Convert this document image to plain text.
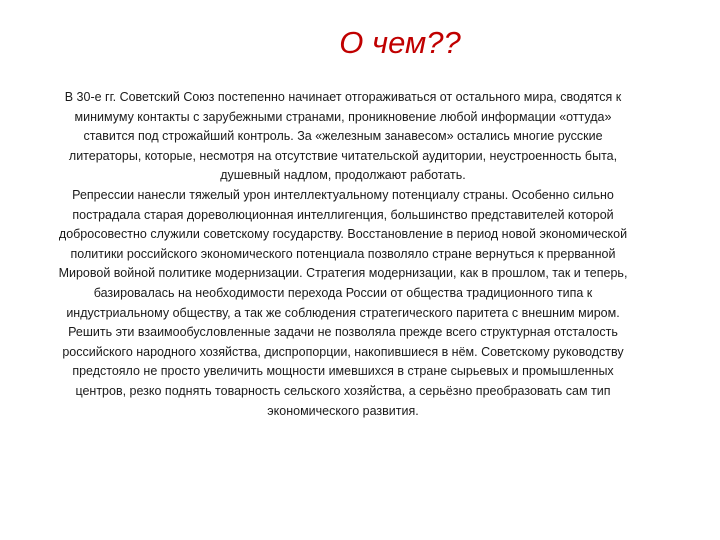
О чем??

В 30-е гг. Советский Союз постепенно начинает отгораживаться от остального мира, сводятся к минимуму контакты с зарубежными странами, проникновение любой информации «оттуда» ставится под строжайший контроль. За «железным занавесом» остались многие русские литераторы, которые, несмотря на отсутствие читательской аудитории, неустроенность быта, душевный надлом, продолжают работать.

Репрессии нанесли тяжелый урон интеллектуальному потенциалу страны. Особенно сильно пострадала старая дореволюционная интеллигенция, большинство представителей которой добросовестно служили советскому государству. Восстановление в период новой экономической политики российского экономического потенциала позволяло стране вернуться к прерванной Мировой войной политике модернизации. Стратегия модернизации, как в прошлом, так и теперь, базировалась на необходимости перехода России от общества традиционного типа к индустриальному обществу, а так же соблюдения стратегического паритета с внешним миром. Решить эти взаимообусловленные задачи не позволяла прежде всего структурная отсталость российского народного хозяйства, диспропорции, накопившиеся в нём. Советскому руководству предстояло не просто увеличить мощности имевшихся в стране сырьевых и промышленных центров, резко поднять товарность сельского хозяйства, а серьёзно преобразовать сам тип экономического развития.
